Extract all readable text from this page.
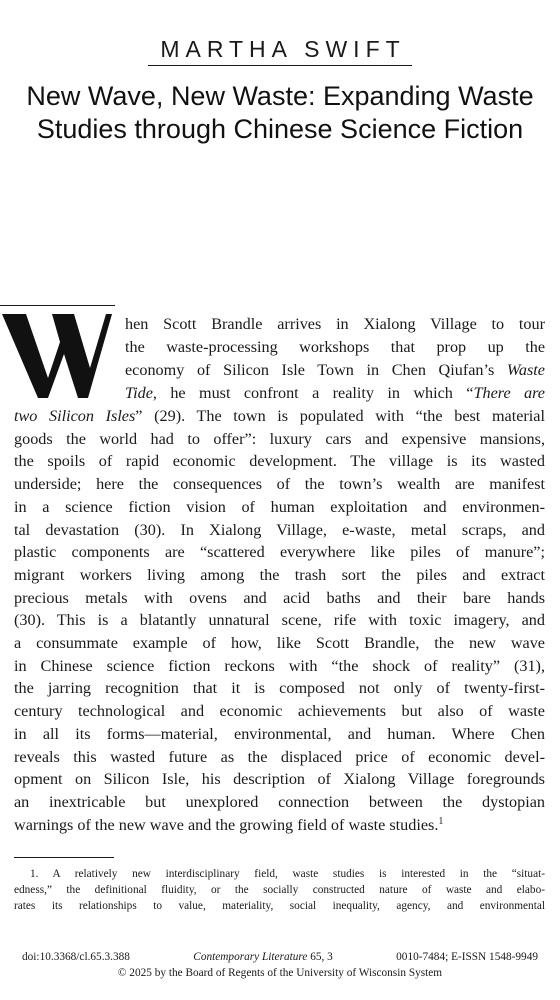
MARTHA SWIFT
New Wave, New Waste: Expanding Waste
Studies through Chinese Science Fiction
hen Scott Brandle arrives in Xialong Village to tour
the waste-processing workshops that prop up the
economy of Silicon Isle Town in Chen Qiufan’s Waste
Tide, he must confront a reality in which “There are
two Silicon Isles” (29). The town is populated with “the best material
goods the world had to offer”: luxury cars and expensive mansions,
the spoils of rapid economic development. The village is its wasted
underside; here the consequences of the town’s wealth are manifest
in a science fiction vision of human exploitation and environmen-
tal devastation (30). In Xialong Village, e-waste, metal scraps, and
plastic components are “scattered everywhere like piles of manure”;
migrant workers living among the trash sort the piles and extract
precious metals with ovens and acid baths and their bare hands
(30). This is a blatantly unnatural scene, rife with toxic imagery, and
a consummate example of how, like Scott Brandle, the new wave
in Chinese science fiction reckons with “the shock of reality” (31),
the jarring recognition that it is composed not only of twenty-first-
century technological and economic achievements but also of waste
in all its forms—material, environmental, and human. Where Chen
reveals this wasted future as the displaced price of economic devel-
opment on Silicon Isle, his description of Xialong Village foregrounds
an inextricable but unexplored connection between the dystopian
warnings of the new wave and the growing field of waste studies.$^1$
1. A relatively new interdisciplinary field, waste studies is interested in the “situat-
edness,” the definitional fluidity, or the socially constructed nature of waste and elabo-
rates its relationships to value, materiality, social inequality, agency, and environmental
doi:10.3368/cl.65.3.388	Contemporary Literature 65, 3	0010-7484; E-ISSN 1548-9949
© 2025 by the Board of Regents of the University of Wisconsin System
